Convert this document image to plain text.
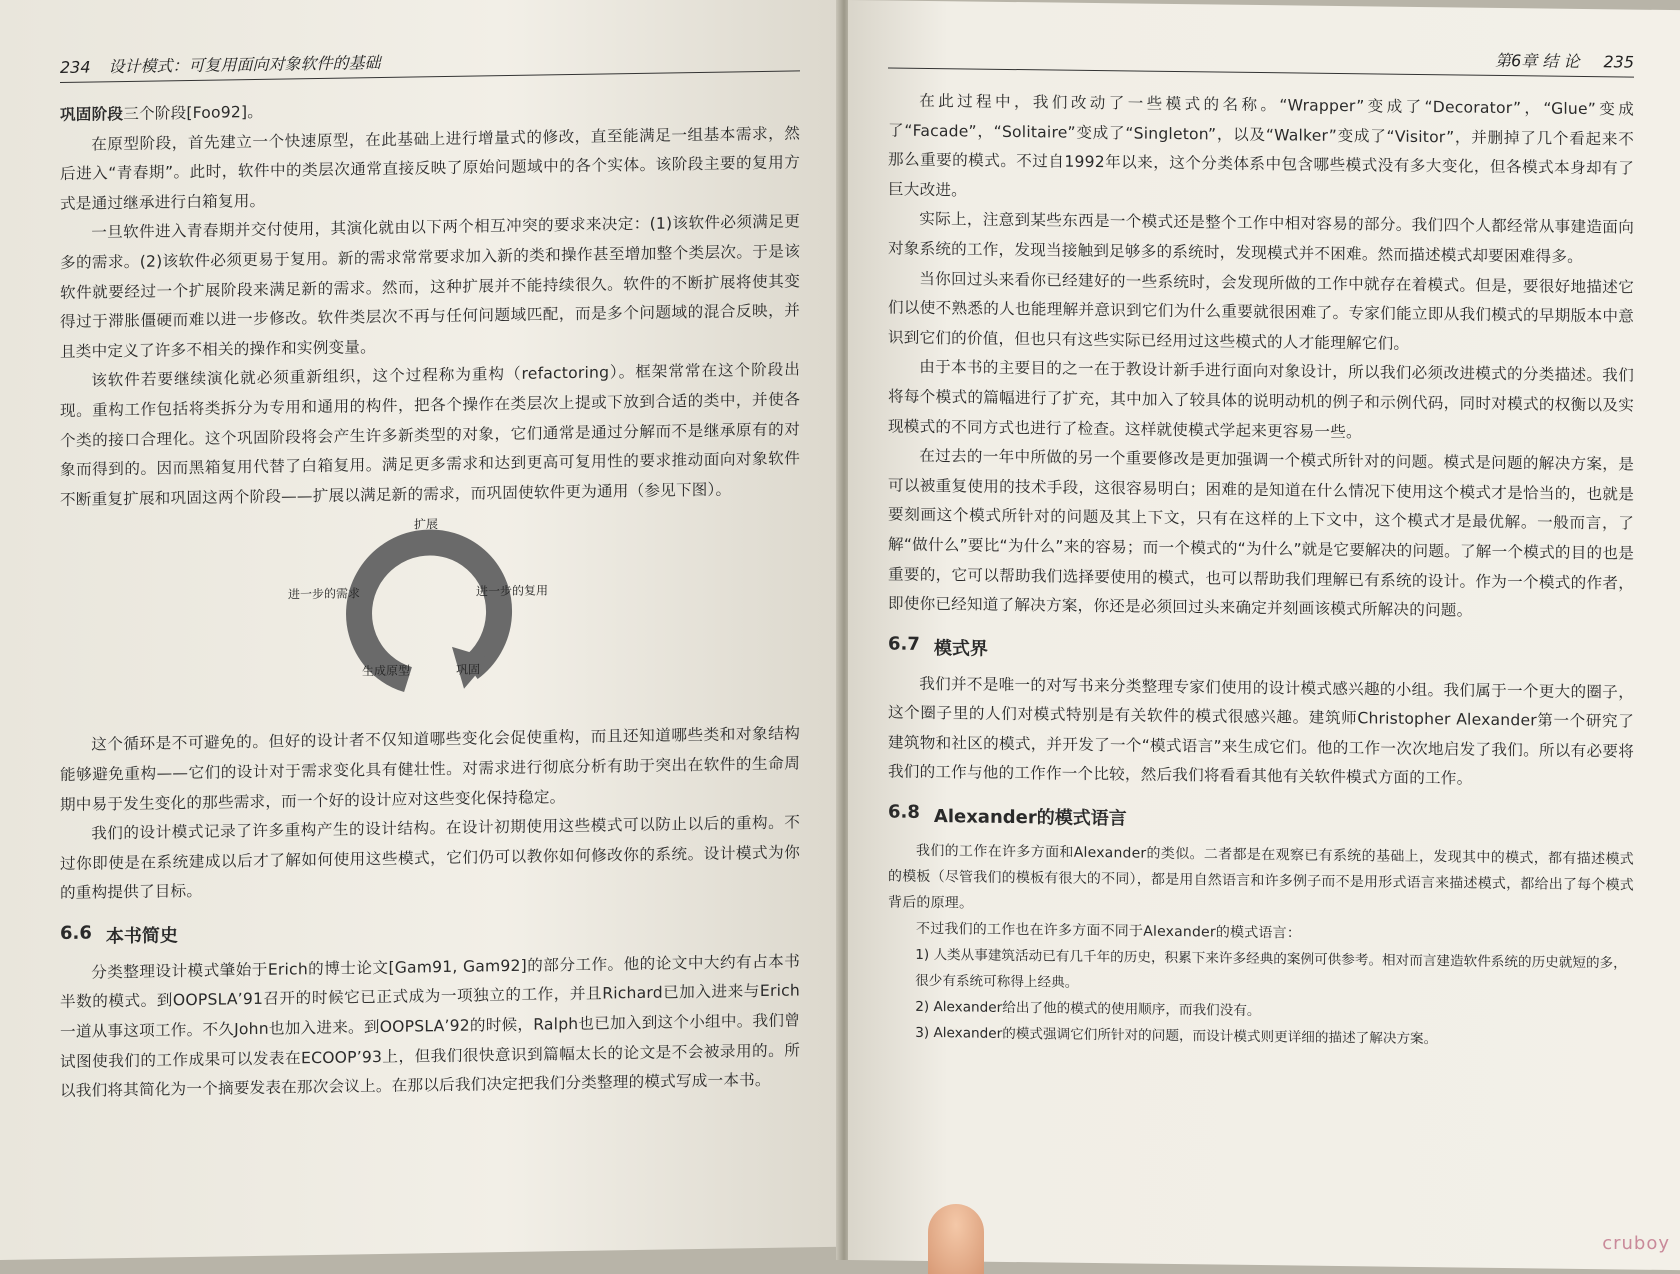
234 设计模式：可复用面向对象软件的基础

巩固阶段三个阶段[Foo92]。

在原型阶段，首先建立一个快速原型，在此基础上进行增量式的修改，直至能满足一组基本需求，然后进入“青春期”。此时，软件中的类层次通常直接反映了原始问题域中的各个实体。该阶段主要的复用方式是通过继承进行白箱复用。

一旦软件进入青春期并交付使用，其演化就由以下两个相互冲突的要求来决定：(1)该软件必须满足更多的需求。(2)该软件必须更易于复用。新的需求常常要求加入新的类和操作甚至增加整个类层次。于是该软件就要经过一个扩展阶段来满足新的需求。然而，这种扩展并不能持续很久。软件的不断扩展将使其变得过于滞胀僵硬而难以进一步修改。软件类层次不再与任何问题域匹配，而是多个问题域的混合反映，并且类中定义了许多不相关的操作和实例变量。

该软件若要继续演化就必须重新组织，这个过程称为重构（refactoring）。框架常常在这个阶段出现。重构工作包括将类拆分为专用和通用的构件，把各个操作在类层次上提或下放到合适的类中，并使各个类的接口合理化。这个巩固阶段将会产生许多新类型的对象，它们通常是通过分解而不是继承原有的对象而得到的。因而黑箱复用代替了白箱复用。满足更多需求和达到更高可复用性的要求推动面向对象软件不断重复扩展和巩固这两个阶段——扩展以满足新的需求，而巩固使软件更为通用（参见下图）。

扩展
进一步的需求	进一步的复用
生成原型	巩固

这个循环是不可避免的。但好的设计者不仅知道哪些变化会促使重构，而且还知道哪些类和对象结构能够避免重构——它们的设计对于需求变化具有健壮性。对需求进行彻底分析有助于突出在软件的生命周期中易于发生变化的那些需求，而一个好的设计应对这些变化保持稳定。

我们的设计模式记录了许多重构产生的设计结构。在设计初期使用这些模式可以防止以后的重构。不过你即使是在系统建成以后才了解如何使用这些模式，它们仍可以教你如何修改你的系统。设计模式为你的重构提供了目标。

6.6 本书简史

分类整理设计模式肇始于Erich的博士论文[Gam91, Gam92]的部分工作。他的论文中大约有占本书半数的模式。到OOPSLA’91召开的时候它已正式成为一项独立的工作，并且Richard已加入进来与Erich一道从事这项工作。不久John也加入进来。到OOPSLA’92的时候，Ralph也已加入到这个小组中。我们曾试图使我们的工作成果可以发表在ECOOP’93上，但我们很快意识到篇幅太长的论文是不会被录用的。所以我们将其简化为一个摘要发表在那次会议上。在那以后我们决定把我们分类整理的模式写成一本书。

第6章 结 论 235

在此过程中，我们改动了一些模式的名称。“Wrapper”变成了“Decorator”，“Glue”变成了“Facade”，“Solitaire”变成了“Singleton”，以及“Walker”变成了“Visitor”，并删掉了几个看起来不那么重要的模式。不过自1992年以来，这个分类体系中包含哪些模式没有多大变化，但各模式本身却有了巨大改进。

实际上，注意到某些东西是一个模式还是整个工作中相对容易的部分。我们四个人都经常从事建造面向对象系统的工作，发现当接触到足够多的系统时，发现模式并不困难。然而描述模式却要困难得多。

当你回过头来看你已经建好的一些系统时，会发现所做的工作中就存在着模式。但是，要很好地描述它们以使不熟悉的人也能理解并意识到它们为什么重要就很困难了。专家们能立即从我们模式的早期版本中意识到它们的价值，但也只有这些实际已经用过这些模式的人才能理解它们。

由于本书的主要目的之一在于教设计新手进行面向对象设计，所以我们必须改进模式的分类描述。我们将每个模式的篇幅进行了扩充，其中加入了较具体的说明动机的例子和示例代码，同时对模式的权衡以及实现模式的不同方式也进行了检查。这样就使模式学起来更容易一些。

在过去的一年中所做的另一个重要修改是更加强调一个模式所针对的问题。模式是问题的解决方案，是可以被重复使用的技术手段，这很容易明白；困难的是知道在什么情况下使用这个模式才是恰当的，也就是要刻画这个模式所针对的问题及其上下文，只有在这样的上下文中，这个模式才是最优解。一般而言，了解“做什么”要比“为什么”来的容易；而一个模式的“为什么”就是它要解决的问题。了解一个模式的目的也是重要的，它可以帮助我们选择要使用的模式，也可以帮助我们理解已有系统的设计。作为一个模式的作者，即使你已经知道了解决方案，你还是必须回过头来确定并刻画该模式所解决的问题。

6.7 模式界

我们并不是唯一的对写书来分类整理专家们使用的设计模式感兴趣的小组。我们属于一个更大的圈子，这个圈子里的人们对模式特别是有关软件的模式很感兴趣。建筑师Christopher Alexander第一个研究了建筑物和社区的模式，并开发了一个“模式语言”来生成它们。他的工作一次次地启发了我们。所以有必要将我们的工作与他的工作作一个比较，然后我们将看看其他有关软件模式方面的工作。

6.8 Alexander的模式语言

我们的工作在许多方面和Alexander的类似。二者都是在观察已有系统的基础上，发现其中的模式，都有描述模式的模板（尽管我们的模板有很大的不同），都是用自然语言和许多例子而不是用形式语言来描述模式，都给出了每个模式背后的原理。

不过我们的工作也在许多方面不同于Alexander的模式语言：

1) 人类从事建筑活动已有几千年的历史，积累下来许多经典的案例可供参考。相对而言建造软件系统的历史就短的多，很少有系统可称得上经典。

2) Alexander给出了他的模式的使用顺序，而我们没有。

3) Alexander的模式强调它们所针对的问题，而设计模式则更详细的描述了解决方案。

cruboy
